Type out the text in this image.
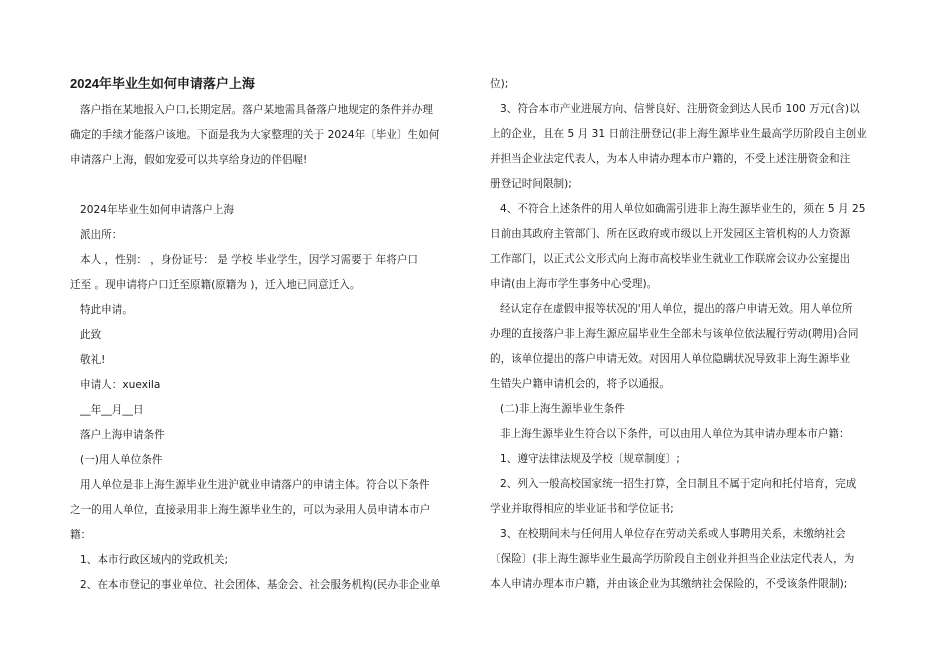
2024年毕业生如何申请落户上海

落户指在某地报入户口,长期定居。落户某地需具备落户地规定的条件并办理

确定的手续才能落户该地。下面是我为大家整理的关于 2024年〔毕业〕生如何

申请落户上海，假如宠爱可以共享给身边的伴侣喔!

2024年毕业生如何申请落户上海

派出所：

本人 ，性别： ，身份证号： 是 学校 毕业学生，因学习需要于 年将户口

迁至 。现申请将户口迁至原籍(原籍为 )，迁入地已同意迁入。

特此申请。

此致

敬礼!

申请人：xuexila

__年__月__日

落户上海申请条件

(一)用人单位条件

用人单位是非上海生源毕业生进沪就业申请落户的申请主体。符合以下条件

之一的用人单位，直接录用非上海生源毕业生的，可以为录用人员申请本市户

籍：

1、本市行政区域内的党政机关;

2、在本市登记的事业单位、社会团体、基金会、社会服务机构(民办非企业单

位);

3、符合本市产业进展方向、信誉良好、注册资金到达人民币 100 万元(含)以

上的企业，且在 5 月 31 日前注册登记(非上海生源毕业生最高学历阶段自主创业

并担当企业法定代表人，为本人申请办理本市户籍的，不受上述注册资金和注

册登记时间限制);

4、不符合上述条件的用人单位如确需引进非上海生源毕业生的，须在 5 月 25

日前由其政府主管部门、所在区政府或市级以上开发园区主管机构的人力资源

工作部门，以正式公文形式向上海市高校毕业生就业工作联席会议办公室提出

申请(由上海市学生事务中心受理)。

经认定存在虚假申报等状况的'用人单位，提出的落户申请无效。用人单位所

办理的直接落户非上海生源应届毕业生全部未与该单位依法履行劳动(聘用)合同

的，该单位提出的落户申请无效。对因用人单位隐瞒状况导致非上海生源毕业

生错失户籍申请机会的，将予以通报。

(二)非上海生源毕业生条件

非上海生源毕业生符合以下条件，可以由用人单位为其申请办理本市户籍：

1、遵守法律法规及学校〔规章制度〕;

2、列入一般高校国家统一招生打算，全日制且不属于定向和托付培育，完成

学业并取得相应的毕业证书和学位证书;

3、在校期间未与任何用人单位存在劳动关系或人事聘用关系，未缴纳社会

〔保险〕(非上海生源毕业生最高学历阶段自主创业并担当企业法定代表人，为

本人申请办理本市户籍，并由该企业为其缴纳社会保险的，不受该条件限制);
